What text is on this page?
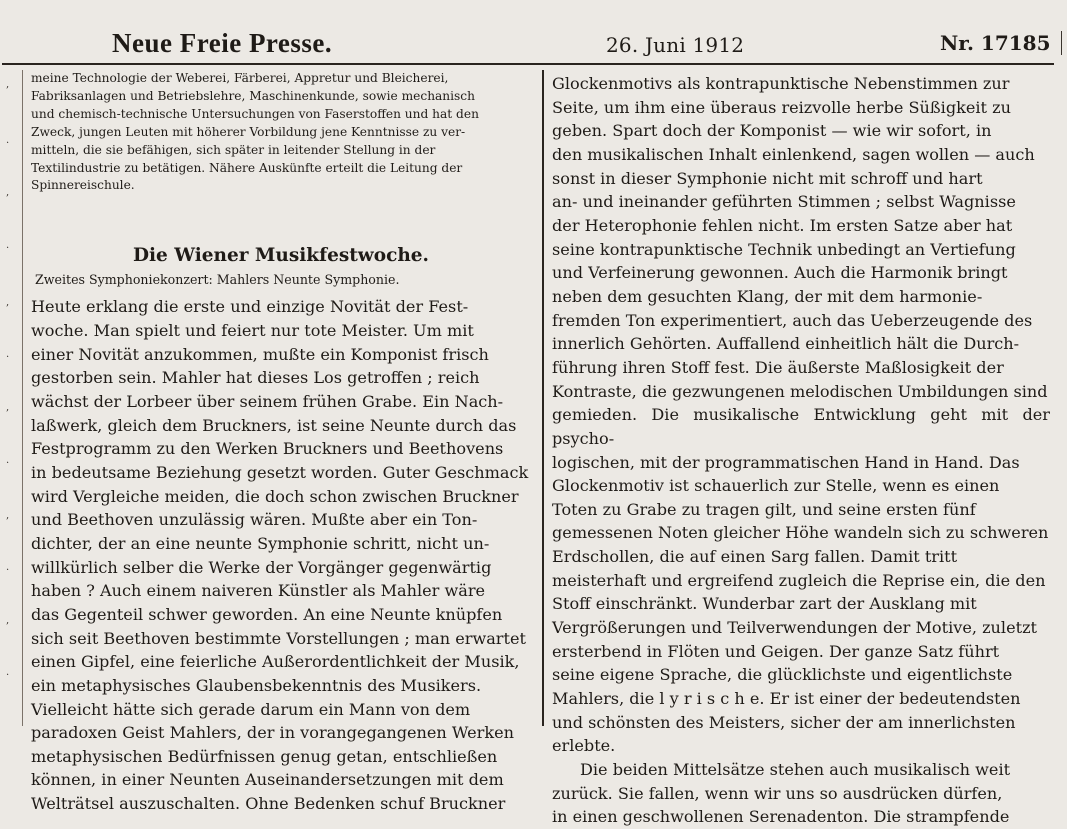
Neue Freie Presse.	26. Juni 1912	Nr. 17185
,
.
,
.
,
.
,
.
,
.
,
.

meine Technologie der Weberei, Färberei, Appretur und Bleicherei,
Fabriksanlagen und Betriebslehre, Maschinenkunde, sowie mechanisch
und chemisch-technische Untersuchungen von Faserstoffen und hat den
Zweck, jungen Leuten mit höherer Vorbildung jene Kenntnisse zu ver-
mitteln, die sie befähigen, sich später in leitender Stellung in der
Textilindustrie zu betätigen. Nähere Auskünfte erteilt die Leitung der
Spinnereischule.

Die Wiener Musikfestwoche.
Zweites Symphoniekonzert: Mahlers Neunte Symphonie.

Heute erklang die erste und einzige Novität der Fest-
woche. Man spielt und feiert nur tote Meister. Um mit
einer Novität anzukommen, mußte ein Komponist frisch
gestorben sein. Mahler hat dieses Los getroffen ; reich
wächst der Lorbeer über seinem frühen Grabe. Ein Nach-
laßwerk, gleich dem Bruckners, ist seine Neunte durch das
Festprogramm zu den Werken Bruckners und Beethovens
in bedeutsame Beziehung gesetzt worden. Guter Geschmack
wird Vergleiche meiden, die doch schon zwischen Bruckner
und Beethoven unzulässig wären. Mußte aber ein Ton-
dichter, der an eine neunte Symphonie schritt, nicht un-
willkürlich selber die Werke der Vorgänger gegenwärtig
haben ? Auch einem naiveren Künstler als Mahler wäre
das Gegenteil schwer geworden. An eine Neunte knüpfen
sich seit Beethoven bestimmte Vorstellungen ; man erwartet
einen Gipfel, eine feierliche Außerordentlichkeit der Musik,
ein metaphysisches Glaubensbekenntnis des Musikers.
Vielleicht hätte sich gerade darum ein Mann von dem
paradoxen Geist Mahlers, der in vorangegangenen Werken
metaphysischen Bedürfnissen genug getan, entschließen
können, in einer Neunten Auseinandersetzungen mit dem
Welträtsel auszuschalten. Ohne Bedenken schuf Bruckner

Glockenmotivs als kontrapunktische Nebenstimmen zur
Seite, um ihm eine überaus reizvolle herbe Süßigkeit zu
geben. Spart doch der Komponist — wie wir sofort, in
den musikalischen Inhalt einlenkend, sagen wollen — auch
sonst in dieser Symphonie nicht mit schroff und hart
an- und ineinander geführten Stimmen ; selbst Wagnisse
der Heterophonie fehlen nicht. Im ersten Satze aber hat
seine kontrapunktische Technik unbedingt an Vertiefung
und Verfeinerung gewonnen. Auch die Harmonik bringt
neben dem gesuchten Klang, der mit dem harmonie-
fremden Ton experimentiert, auch das Ueberzeugende des
innerlich Gehörten. Auffallend einheitlich hält die Durch-
führung ihren Stoff fest. Die äußerste Maßlosigkeit der
Kontraste, die gezwungenen melodischen Umbildungen sind
gemieden. Die musikalische Entwicklung geht mit der psycho-
logischen, mit der programmatischen Hand in Hand. Das
Glockenmotiv ist schauerlich zur Stelle, wenn es einen
Toten zu Grabe zu tragen gilt, und seine ersten fünf
gemessenen Noten gleicher Höhe wandeln sich zu schweren
Erdschollen, die auf einen Sarg fallen. Damit tritt
meisterhaft und ergreifend zugleich die Reprise ein, die den
Stoff einschränkt. Wunderbar zart der Ausklang mit
Vergrößerungen und Teilverwendungen der Motive, zuletzt
ersterbend in Flöten und Geigen. Der ganze Satz führt
seine eigene Sprache, die glücklichste und eigentlichste
Mahlers, die l y r i s c h e. Er ist einer der bedeutendsten
und schönsten des Meisters, sicher der am innerlichsten
erlebte.

Die beiden Mittelsätze stehen auch musikalisch weit
zurück. Sie fallen, wenn wir uns so ausdrücken dürfen,
in einen geschwollenen Serenadenton. Die strampfende
